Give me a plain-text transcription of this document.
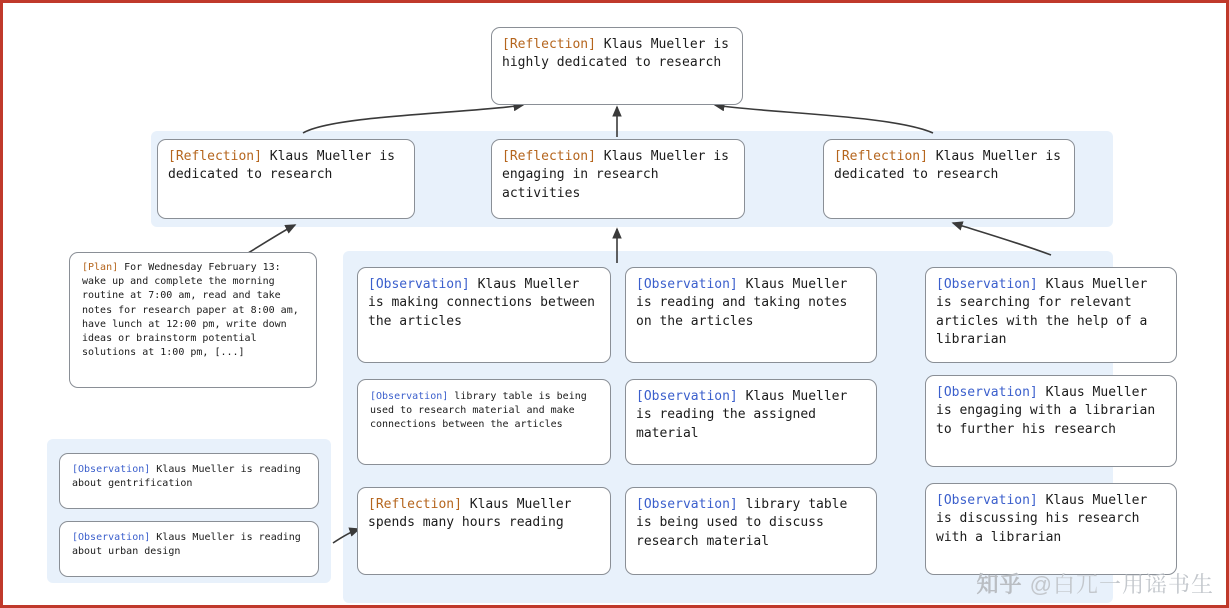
[Reflection] Klaus Mueller is highly dedicated to research
[Reflection] Klaus Mueller is dedicated to research
[Reflection] Klaus Mueller is engaging in research activities
[Reflection] Klaus Mueller is dedicated to research
[Plan] For Wednesday February 13: wake up and complete the morning routine at 7:00 am, read and take notes for research paper at 8:00 am, have lunch at 12:00 pm, write down ideas or brainstorm potential solutions at 1:00 pm, [...]
[Observation] Klaus Mueller is reading about gentrification
[Observation] Klaus Mueller is reading about urban design
[Observation] Klaus Mueller is making connections between the articles
[Observation] library table is being used to research material and make connections between the articles
[Reflection] Klaus Mueller spends many hours reading
[Observation] Klaus Mueller is reading and taking notes on the articles
[Observation] Klaus Mueller is reading the assigned material
[Observation] library table is being used to discuss research material
[Observation] Klaus Mueller is searching for relevant articles with the help of a librarian
[Observation] Klaus Mueller is engaging with a librarian to further his research
[Observation] Klaus Mueller is discussing his research with a librarian
知乎 @白兀一用谣书生
